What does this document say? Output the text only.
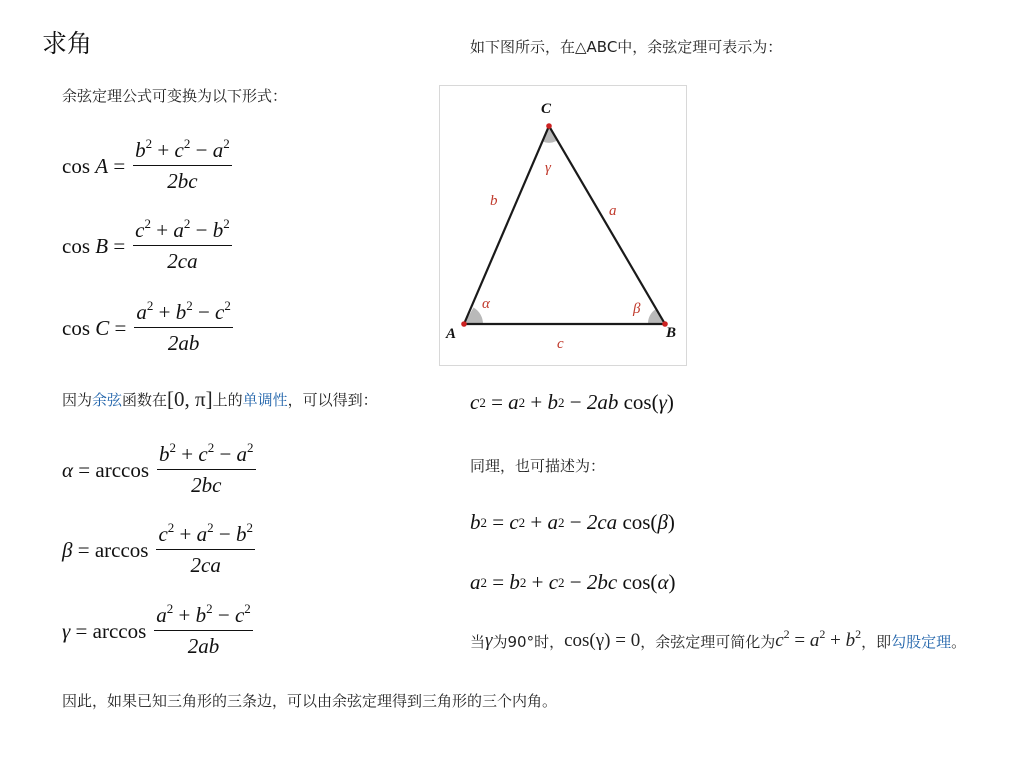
求角
余弦定理公式可变换为以下形式：
$\cos A = \frac{b^2 + c^2 - a^2}{2bc}$
$\cos B = \frac{c^2 + a^2 - b^2}{2ca}$
$\cos C = \frac{a^2 + b^2 - c^2}{2ab}$
因为 余弦 函数在 [0, π] 上的 单调性 ，可以得到：
$\alpha = \arccos \frac{b^2 + c^2 - a^2}{2bc}$
$\beta = \arccos \frac{c^2 + a^2 - b^2}{2ca}$
$\gamma = \arccos \frac{a^2 + b^2 - c^2}{2ab}$
如下图所示，在△ABC中，余弦定理可表示为：
A	B
C
b
a
c
α	β
γ
c 2 = a 2 + b 2 − 2ab cos( γ )
同理，也可描述为：
b 2 = c 2 + a 2 − 2ca cos( β )
a 2 = b 2 + c 2 − 2bc cos( α )
当 γ 为90°时， cos(γ) = 0 ，余弦定理可简化为 $c^2 = a^2 + b^2$ ，即 勾股定理 。
因此，如果已知三角形的三条边，可以由余弦定理得到三角形的三个内角。
